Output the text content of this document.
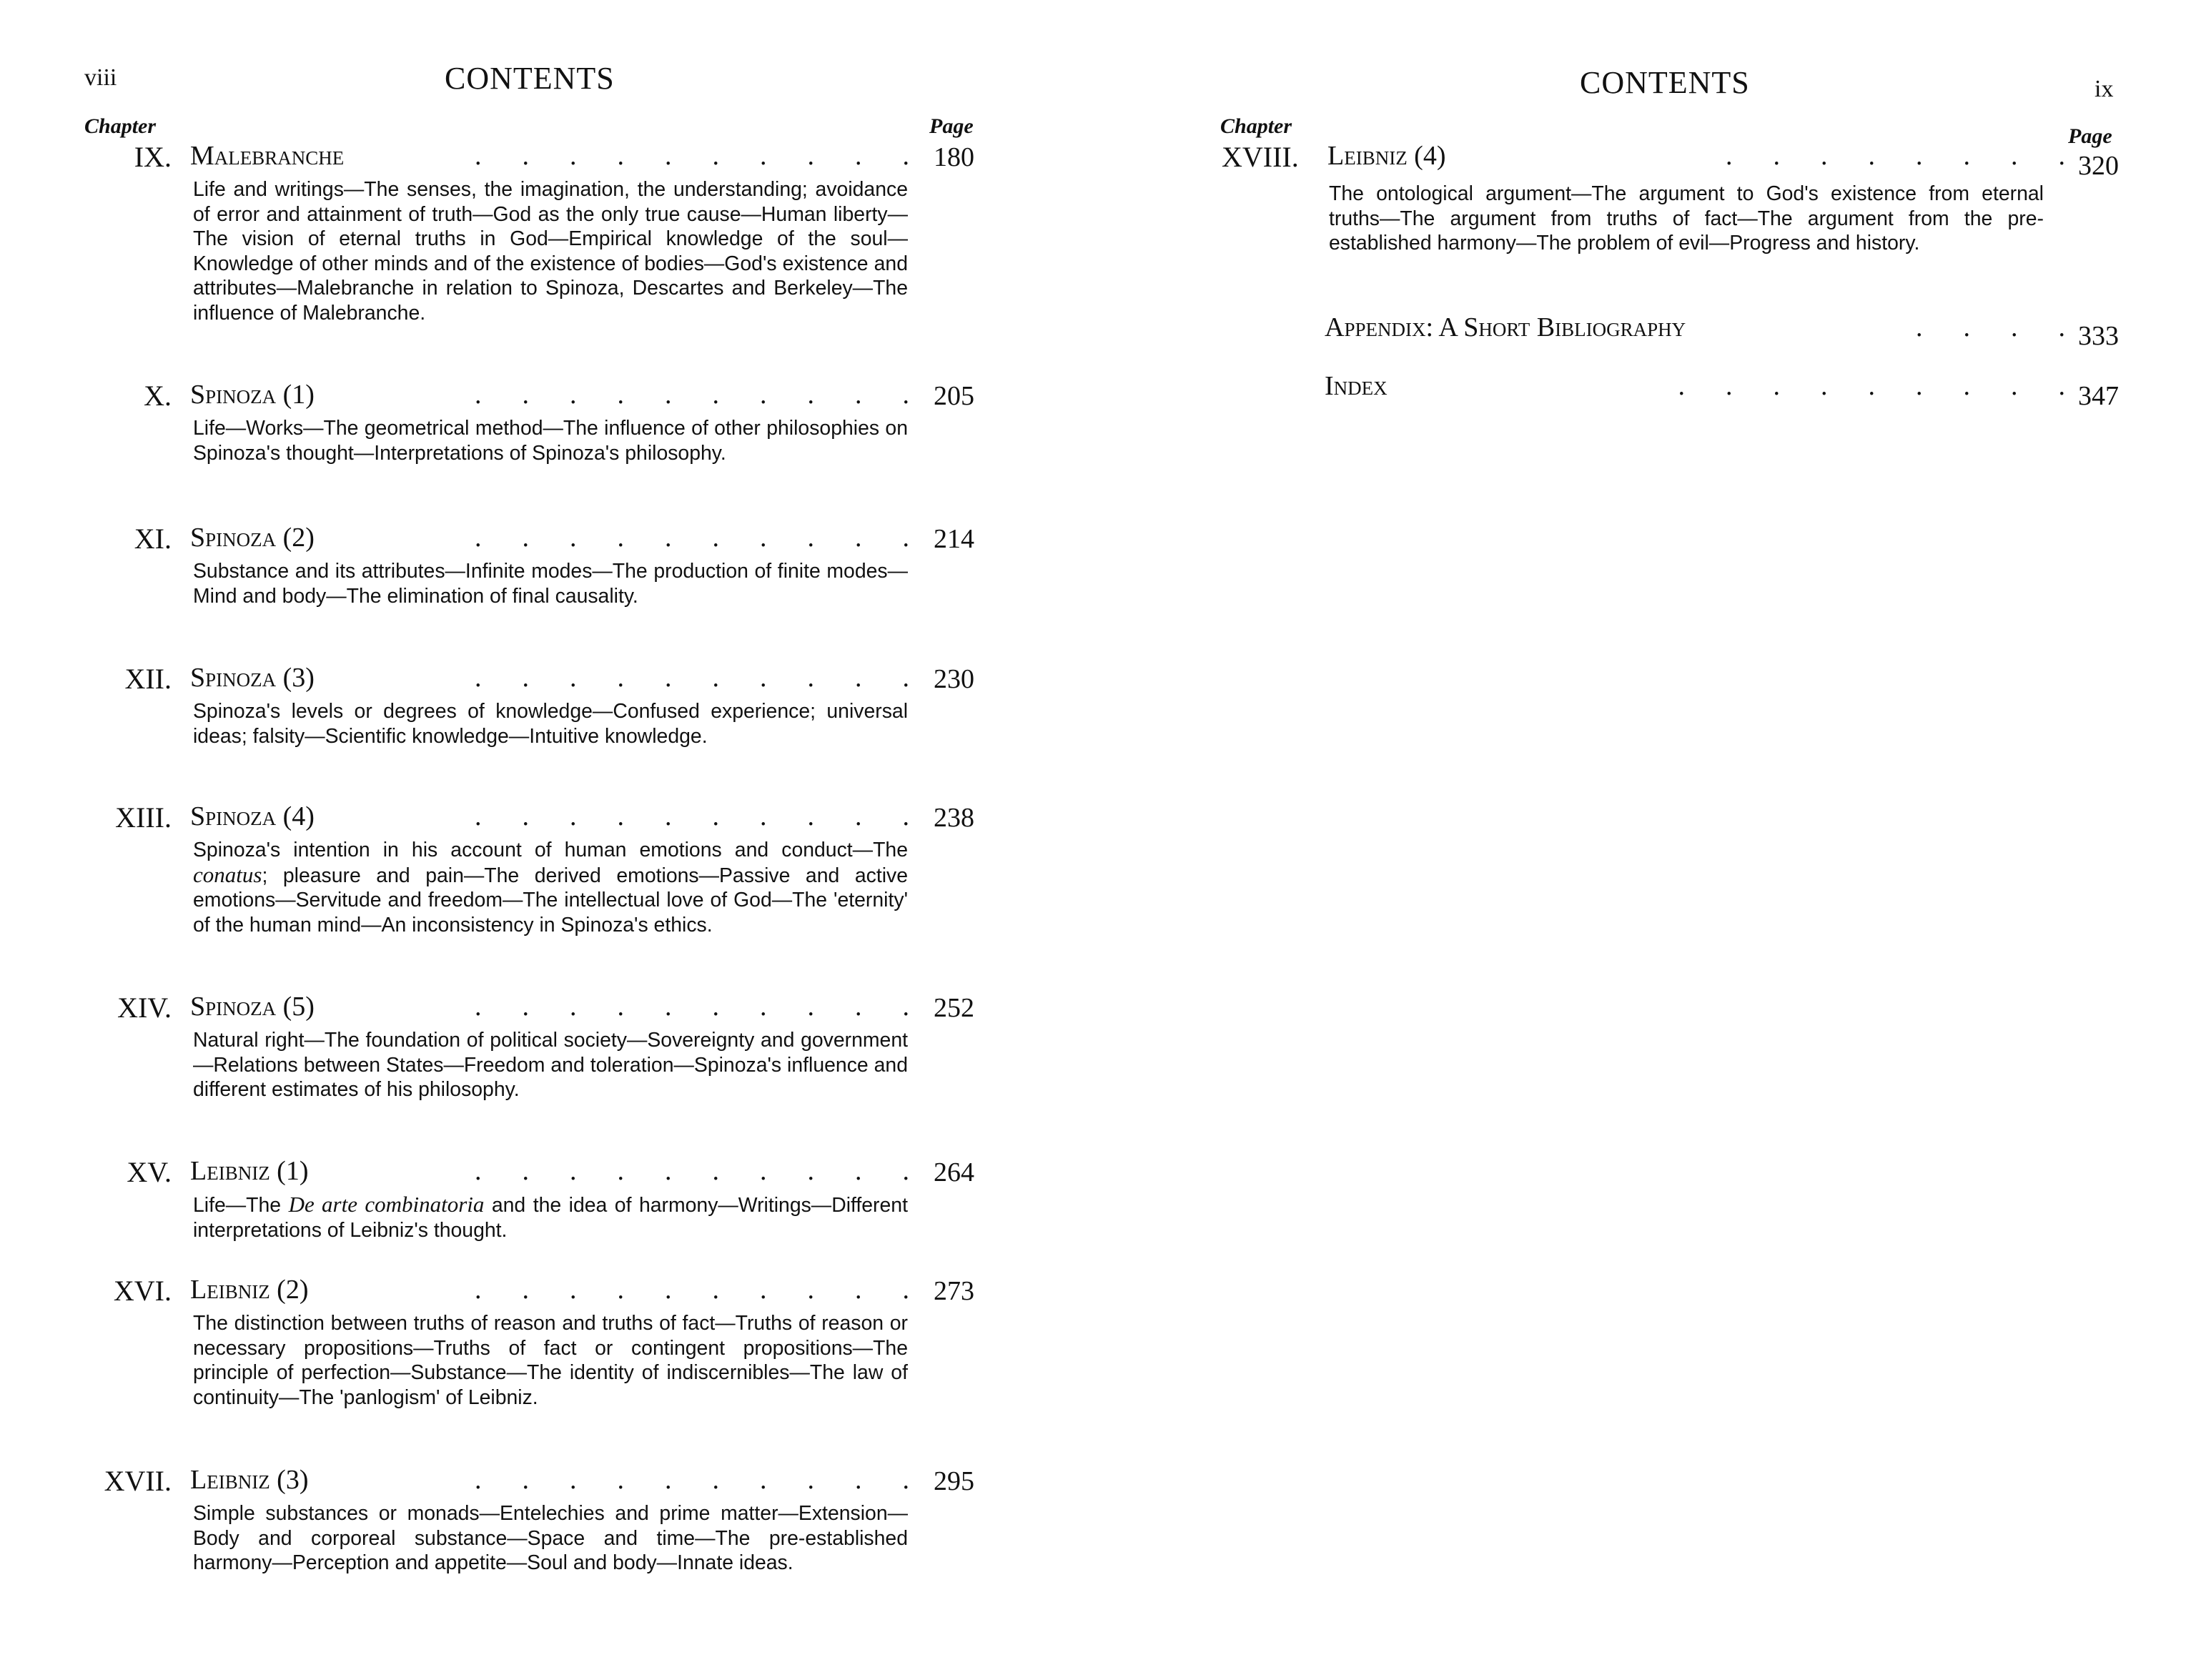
viii	CONTENTS
Chapter	Page
IX. Malebranche	.      .      .      .      .      .      .      .      .      . 180
Life and writings—The senses, the imagination, the understanding; avoidance of error and attainment of truth—God as the only true cause—Human liberty—The vision of eternal truths in God—Empirical knowledge of the soul—Knowledge of other minds and of the existence of bodies—God's existence and attributes—Malebranche in relation to Spinoza, Descartes and Berkeley—The influence of Malebranche.
X. Spinoza (1)	.      .      .      .      .      .      .      .      .      . 205
Life—Works—The geometrical method—The influence of other philosophies on Spinoza's thought—Interpretations of Spinoza's philosophy.
XI. Spinoza (2)	.      .      .      .      .      .      .      .      .      . 214
Substance and its attributes—Infinite modes—The production of finite modes—Mind and body—The elimination of final causality.
XII. Spinoza (3)	.      .      .      .      .      .      .      .      .      . 230
Spinoza's levels or degrees of knowledge—Confused experience; universal ideas; falsity—Scientific knowledge—Intuitive knowledge.
XIII. Spinoza (4)	.      .      .      .      .      .      .      .      .      . 238
Spinoza's intention in his account of human emotions and conduct—The conatus; pleasure and pain—The derived emotions—Passive and active emotions—Servitude and freedom—The intellectual love of God—The 'eternity' of the human mind—An inconsistency in Spinoza's ethics.
XIV. Spinoza (5)	.      .      .      .      .      .      .      .      .      . 252
Natural right—The foundation of political society—Sovereignty and government—Relations between States—Freedom and toleration—Spinoza's influence and different estimates of his philosophy.
XV. Leibniz (1)	.      .      .      .      .      .      .      .      .      . 264
Life—The De arte combinatoria and the idea of harmony—Writings—Different interpretations of Leibniz's thought.
XVI. Leibniz (2)	.      .      .      .      .      .      .      .      .      . 273
The distinction between truths of reason and truths of fact—Truths of reason or necessary propositions—Truths of fact or contingent propositions—The principle of perfection—Substance—The identity of indiscernibles—The law of continuity—The 'panlogism' of Leibniz.
XVII. Leibniz (3)	.      .      .      .      .      .      .      .      .      . 295
Simple substances or monads—Entelechies and prime matter—Extension—Body and corporeal substance—Space and time—The pre-established harmony—Perception and appetite—Soul and body—Innate ideas.
CONTENTS	ix
Chapter	Page
XVIII.	Leibniz (4)	.      .      .      .      .      .      .      . 320
The ontological argument—The argument to God's existence from eternal truths—The argument from truths of fact—The argument from the pre-established harmony—The problem of evil—Progress and history.
Appendix: A Short Bibliography	.      .      .      . 333
Index	.      .      .      .      .      .      .      .      . 347
